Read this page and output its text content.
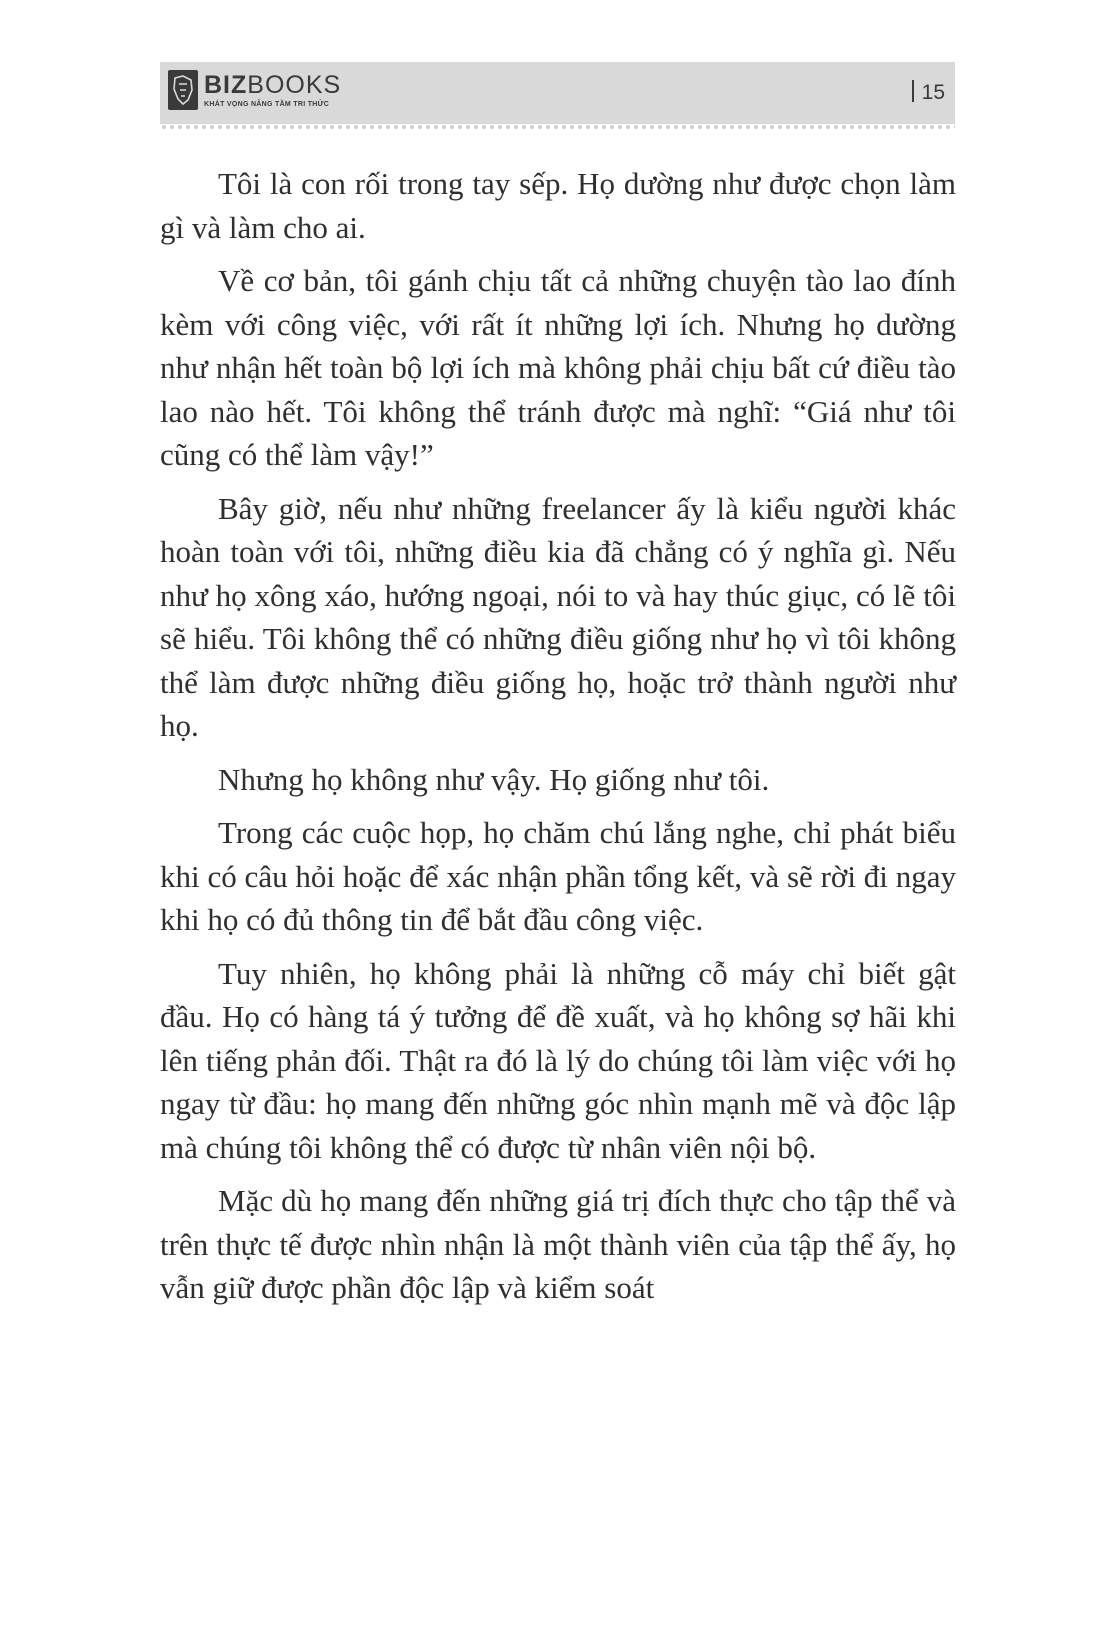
BIZBOOKS
KHÁT VỌNG NÂNG TẦM TRI THỨC	15

Tôi là con rối trong tay sếp. Họ dường như được chọn làm gì và làm cho ai.

Về cơ bản, tôi gánh chịu tất cả những chuyện tào lao đính kèm với công việc, với rất ít những lợi ích. Nhưng họ dường như nhận hết toàn bộ lợi ích mà không phải chịu bất cứ điều tào lao nào hết. Tôi không thể tránh được mà nghĩ: “Giá như tôi cũng có thể làm vậy!”

Bây giờ, nếu như những freelancer ấy là kiểu người khác hoàn toàn với tôi, những điều kia đã chẳng có ý nghĩa gì. Nếu như họ xông xáo, hướng ngoại, nói to và hay thúc giục, có lẽ tôi sẽ hiểu. Tôi không thể có những điều giống như họ vì tôi không thể làm được những điều giống họ, hoặc trở thành người như họ.

Nhưng họ không như vậy. Họ giống như tôi.

Trong các cuộc họp, họ chăm chú lắng nghe, chỉ phát biểu khi có câu hỏi hoặc để xác nhận phần tổng kết, và sẽ rời đi ngay khi họ có đủ thông tin để bắt đầu công việc.

Tuy nhiên, họ không phải là những cỗ máy chỉ biết gật đầu. Họ có hàng tá ý tưởng để đề xuất, và họ không sợ hãi khi lên tiếng phản đối. Thật ra đó là lý do chúng tôi làm việc với họ ngay từ đầu: họ mang đến những góc nhìn mạnh mẽ và độc lập mà chúng tôi không thể có được từ nhân viên nội bộ.

Mặc dù họ mang đến những giá trị đích thực cho tập thể và trên thực tế được nhìn nhận là một thành viên của tập thể ấy, họ vẫn giữ được phần độc lập và kiểm soát
